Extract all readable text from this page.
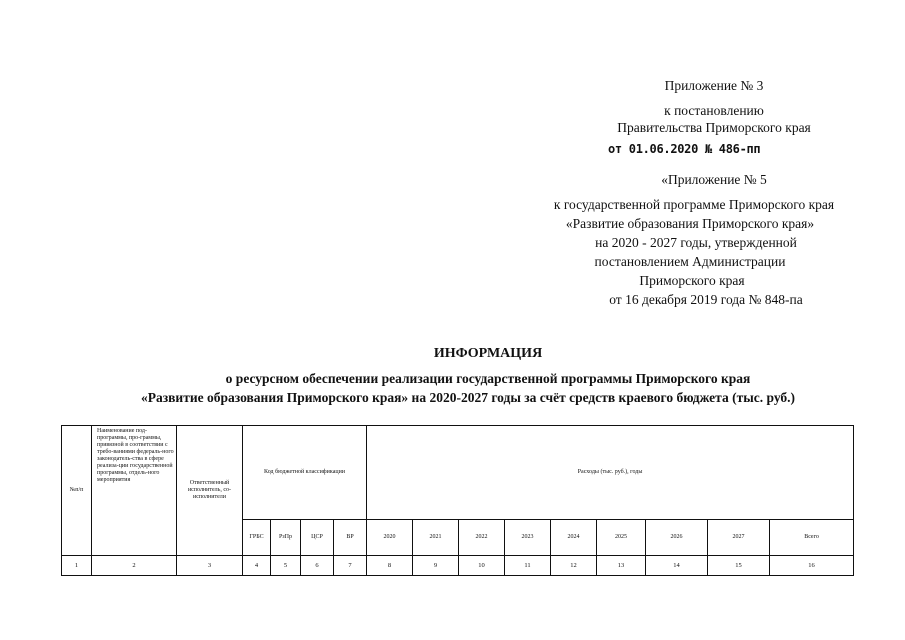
Приложение № 3
к постановлению
Правительства Приморского края
от 01.06.2020 № 486-пп
«Приложение № 5
к государственной программе Приморского края
«Развитие образования Приморского края»
на 2020 - 2027 годы, утвержденной
постановлением Администрации
Приморского края
от 16 декабря 2019 года № 848-па
ИНФОРМАЦИЯ
о ресурсном обеспечении реализации государственной программы Приморского края
«Развитие образования Приморского края» на 2020-2027 годы за счёт средств краевого бюджета (тыс. руб.)
№п/п	Наименование под-программы, про-граммы, привязной в соответствии с требо-ваниями федераль-ного законодатель-ства в сфере реализа-ции государственной программы, отдель-ного мероприятия	Ответственный исполнитель, со-исполнители	Код бюджетной классификации				Расходы (тыс. руб.), годы								
			ГРБС	РзПр	ЦСР	ВР	2020	2021	2022	2023	2024	2025	2026	2027	Всего
1	2	3	4	5	6	7	8	9	10	11	12	13	14	15	16
